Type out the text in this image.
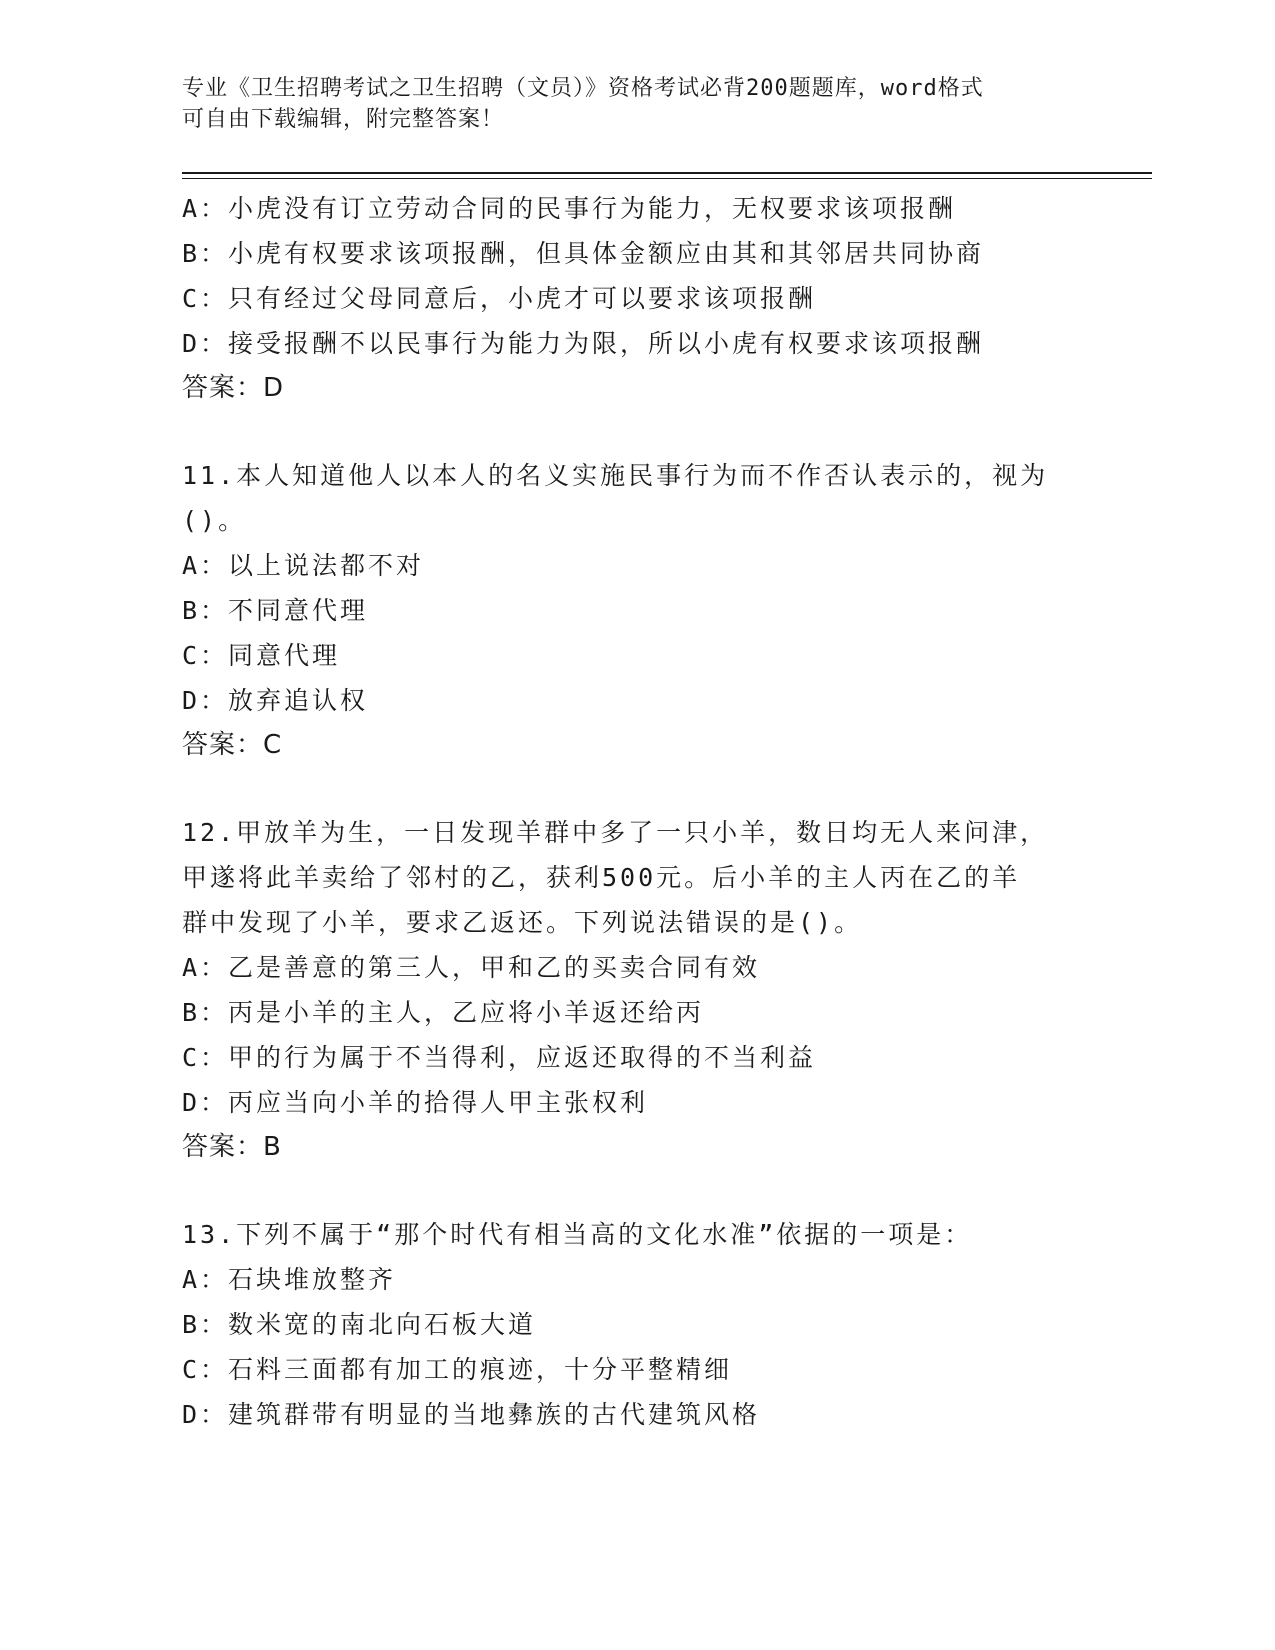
专业《卫生招聘考试之卫生招聘（文员）》资格考试必背200题题库，word格式
可自由下载编辑，附完整答案！
A：小虎没有订立劳动合同的民事行为能力，无权要求该项报酬
B：小虎有权要求该项报酬，但具体金额应由其和其邻居共同协商
C：只有经过父母同意后，小虎才可以要求该项报酬
D：接受报酬不以民事行为能力为限，所以小虎有权要求该项报酬
答案：D
11.本人知道他人以本人的名义实施民事行为而不作否认表示的，视为
()。
A：以上说法都不对
B：不同意代理
C：同意代理
D：放弃追认权
答案：C
12.甲放羊为生，一日发现羊群中多了一只小羊，数日均无人来问津，
甲遂将此羊卖给了邻村的乙，获利500元。后小羊的主人丙在乙的羊
群中发现了小羊，要求乙返还。下列说法错误的是()。
A：乙是善意的第三人，甲和乙的买卖合同有效
B：丙是小羊的主人，乙应将小羊返还给丙
C：甲的行为属于不当得利，应返还取得的不当利益
D：丙应当向小羊的拾得人甲主张权利
答案：B
13.下列不属于“那个时代有相当高的文化水准”依据的一项是：
A：石块堆放整齐
B：数米宽的南北向石板大道
C：石料三面都有加工的痕迹，十分平整精细
D：建筑群带有明显的当地彝族的古代建筑风格
